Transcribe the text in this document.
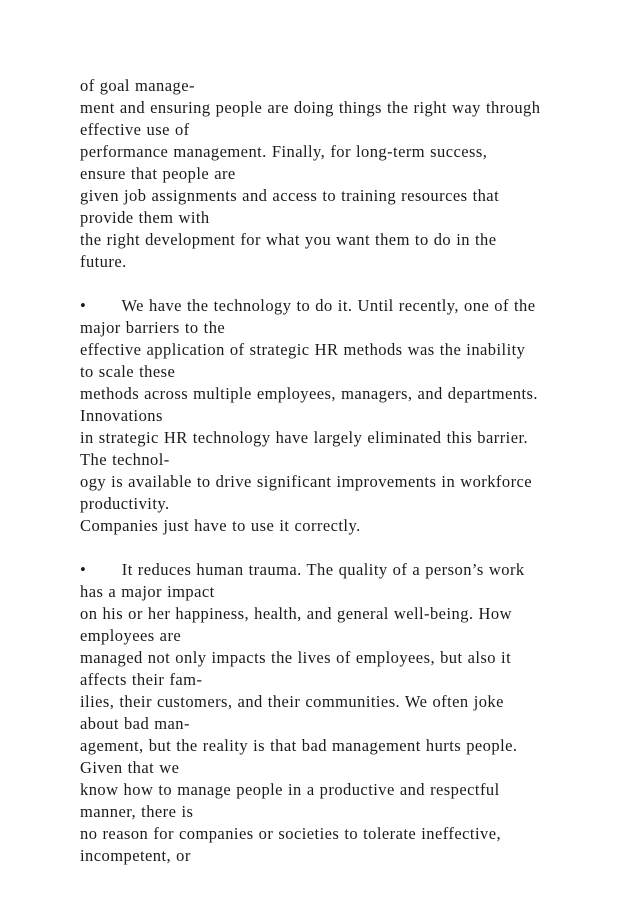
of goal manage-
ment and ensuring people are doing things the right way through
effective use of
performance management. Finally, for long-term success,
ensure that people are
given job assignments and access to training resources that
provide them with
the right development for what you want them to do in the
future.
•       We have the technology to do it. Until recently, one of the
major barriers to the
effective application of strategic HR methods was the inability
to scale these
methods across multiple employees, managers, and departments.
Innovations
in strategic HR technology have largely eliminated this barrier.
The technol-
ogy is available to drive significant improvements in workforce
productivity.
Companies just have to use it correctly.
•       It reduces human trauma. The quality of a person’s work
has a major impact
on his or her happiness, health, and general well-being. How
employees are
managed not only impacts the lives of employees, but also it
affects their fam-
ilies, their customers, and their communities. We often joke
about bad man-
agement, but the reality is that bad management hurts people.
Given that we
know how to manage people in a productive and respectful
manner, there is
no reason for companies or societies to tolerate ineffective,
incompetent, or
